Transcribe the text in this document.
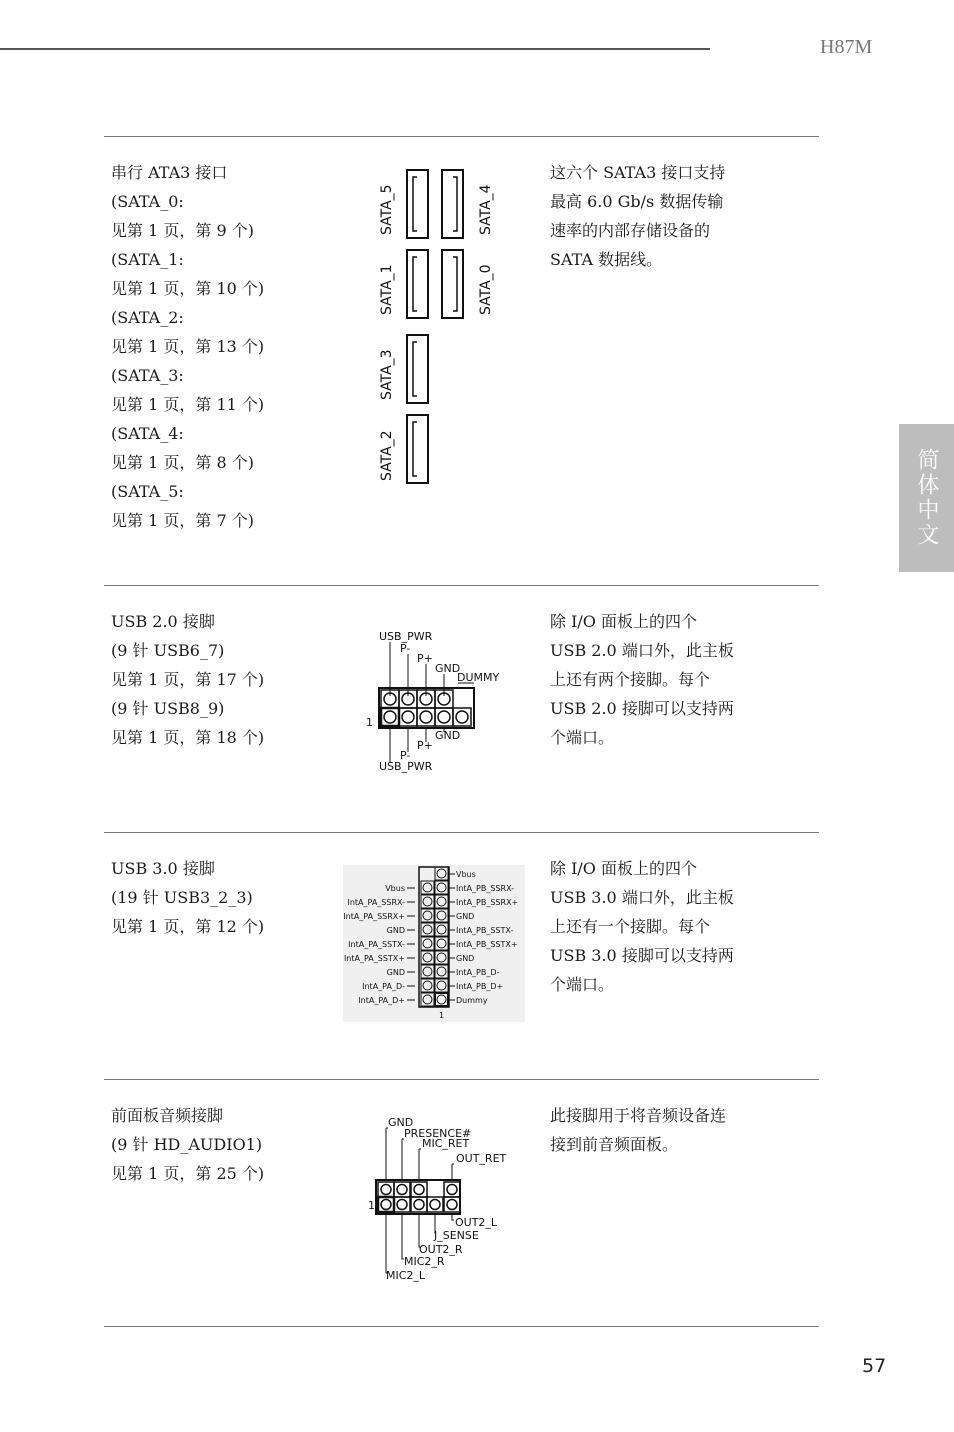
H87M
简体中文

串行 ATA3 接口

(SATA_0:

见第 1 页，第 9 个)

(SATA_1:

见第 1 页，第 10 个)

(SATA_2:

见第 1 页，第 13 个)

(SATA_3:

见第 1 页，第 11 个)

(SATA_4:

见第 1 页，第 8 个)

(SATA_5:

见第 1 页，第 7 个)

SATA_5	SATA_4
SATA_1	SATA_0
SATA_3
SATA_2

这六个 SATA3 接口支持

最高 6.0 Gb/s 数据传输

速率的内部存储设备的

SATA 数据线。

USB 2.0 接脚

(9 针 USB6_7)

见第 1 页，第 17 个)

(9 针 USB8_9)

见第 1 页，第 18 个)

USB_PWR
P-
P+
GND
DUMMY
1
GND
P+
P-
USB_PWR

除 I/O 面板上的四个

USB 2.0 端口外，此主板

上还有两个接脚。每个

USB 2.0 接脚可以支持两

个端口。

USB 3.0 接脚

(19 针 USB3_2_3)

见第 1 页，第 12 个)

Vbus
IntA_PA_SSRX-
IntA_PA_SSRX+
GND
IntA_PA_SSTX-
IntA_PA_SSTX+
GND
IntA_PA_D-
IntA_PA_D+
Vbus
IntA_PB_SSRX-
IntA_PB_SSRX+
GND
IntA_PB_SSTX-
IntA_PB_SSTX+
GND
IntA_PB_D-
IntA_PB_D+
Dummy
1

除 I/O 面板上的四个

USB 3.0 端口外，此主板

上还有一个接脚。每个

USB 3.0 接脚可以支持两

个端口。

前面板音频接脚

(9 针 HD_AUDIO1)

见第 1 页，第 25 个)

GND
PRESENCE#
MIC_RET
OUT_RET
1
OUT2_L
J_SENSE
OUT2_R
MIC2_R
MIC2_L

此接脚用于将音频设备连

接到前音频面板。

57
